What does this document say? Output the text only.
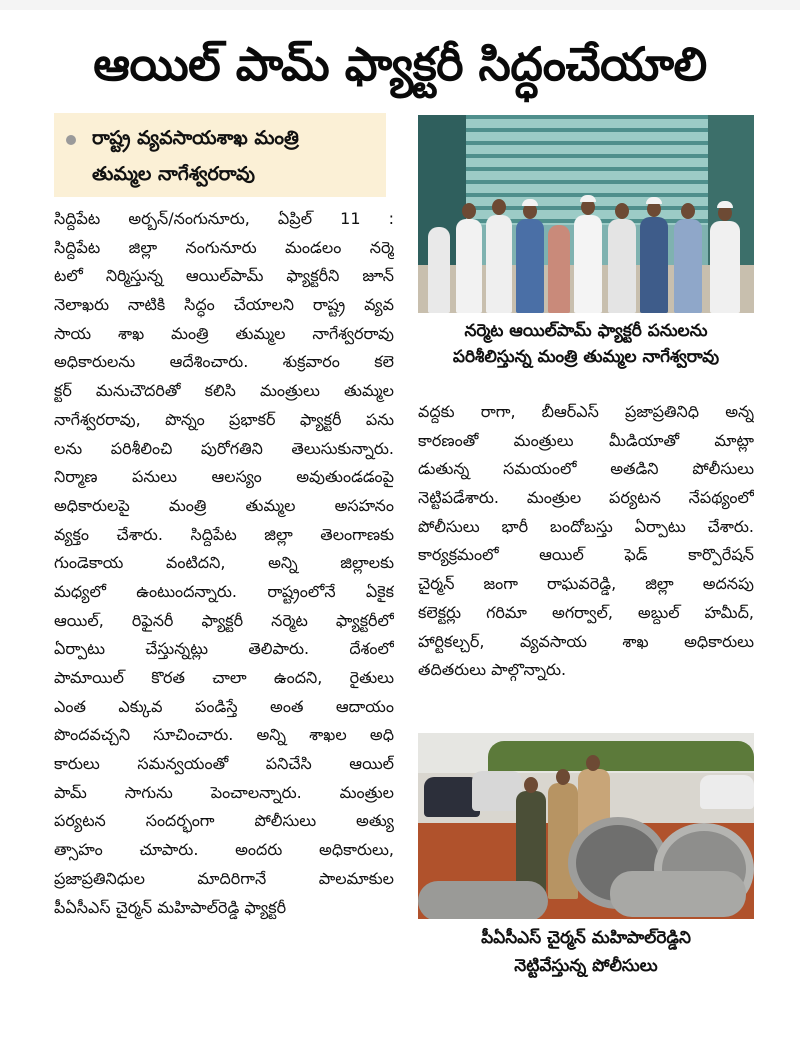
ఆయిల్ పామ్ ఫ్యాక్టరీ సిద్ధంచేయాలి
రాష్ట్ర వ్యవసాయశాఖ మంత్రి
తుమ్మల నాగేశ్వరరావు
సిద్దిపేట అర్బన్/నంగునూరు, ఏప్రిల్ 11 :
సిద్దిపేట జిల్లా నంగునూరు మండలం నర్మె
టలో నిర్మిస్తున్న ఆయిల్‌పామ్ ఫ్యాక్టరీని జూన్
నెలాఖరు నాటికి సిద్ధం చేయాలని రాష్ట్ర వ్యవ
సాయ శాఖ మంత్రి తుమ్మల నాగేశ్వరరావు
అధికారులను ఆదేశించారు. శుక్రవారం కలె
క్టర్ మనుచౌదరితో కలిసి మంత్రులు తుమ్మల
నాగేశ్వరరావు, పొన్నం ప్రభాకర్ ఫ్యాక్టరీ పను
లను పరిశీలించి పురోగతిని తెలుసుకున్నారు.
నిర్మాణ పనులు ఆలస్యం అవుతుండడంపై
అధికారులపై మంత్రి తుమ్మల అసహనం
వ్యక్తం చేశారు. సిద్దిపేట జిల్లా తెలంగాణకు
గుండెకాయ వంటిదని, అన్ని జిల్లాలకు
మధ్యలో ఉంటుందన్నారు. రాష్ట్రంలోనే ఏకైక
ఆయిల్, రిఫైనరీ ఫ్యాక్టరీ నర్మెట ఫ్యాక్టరీలో
ఏర్పాటు చేస్తున్నట్లు తెలిపారు. దేశంలో
పామాయిల్ కొరత చాలా ఉందని, రైతులు
ఎంత ఎక్కువ పండిస్తే అంత ఆదాయం
పొందవచ్చని సూచించారు. అన్ని శాఖల అధి
కారులు సమన్వయంతో పనిచేసి ఆయిల్
పామ్ సాగును పెంచాలన్నారు. మంత్రుల
పర్యటన సందర్భంగా పోలీసులు అత్యు
త్సాహం చూపారు. అందరు అధికారులు,
ప్రజాప్రతినిధుల మాదిరిగానే పాలమాకుల
పీఏసీఎస్ చైర్మన్ మహిపాల్‌రెడ్డి ఫ్యాక్టరీ
నర్మెట ఆయిల్‌పామ్ ఫ్యాక్టరీ పనులను
పరిశీలిస్తున్న మంత్రి తుమ్మల నాగేశ్వరావు
వద్దకు రాగా, బీఆర్ఎస్ ప్రజాప్రతినిధి అన్న
కారణంతో మంత్రులు మీడియాతో మాట్లా
డుతున్న సమయంలో అతడిని పోలీసులు
నెట్టిపడేశారు. మంత్రుల పర్యటన నేపథ్యంలో
పోలీసులు భారీ బందోబస్తు ఏర్పాటు చేశారు.
కార్యక్రమంలో ఆయిల్ ఫెడ్ కార్పొరేషన్
చైర్మన్ జంగా రాఘవరెడ్డి, జిల్లా అదనపు
కలెక్టర్లు గరిమా అగర్వాల్, అబ్దుల్ హమీద్,
హార్టికల్చర్, వ్యవసాయ శాఖ అధికారులు
తదితరులు పాల్గొన్నారు.
పీఏసీఎస్ చైర్మన్ మహిపాల్‌రెడ్డిని
నెట్టివేస్తున్న పోలీసులు
